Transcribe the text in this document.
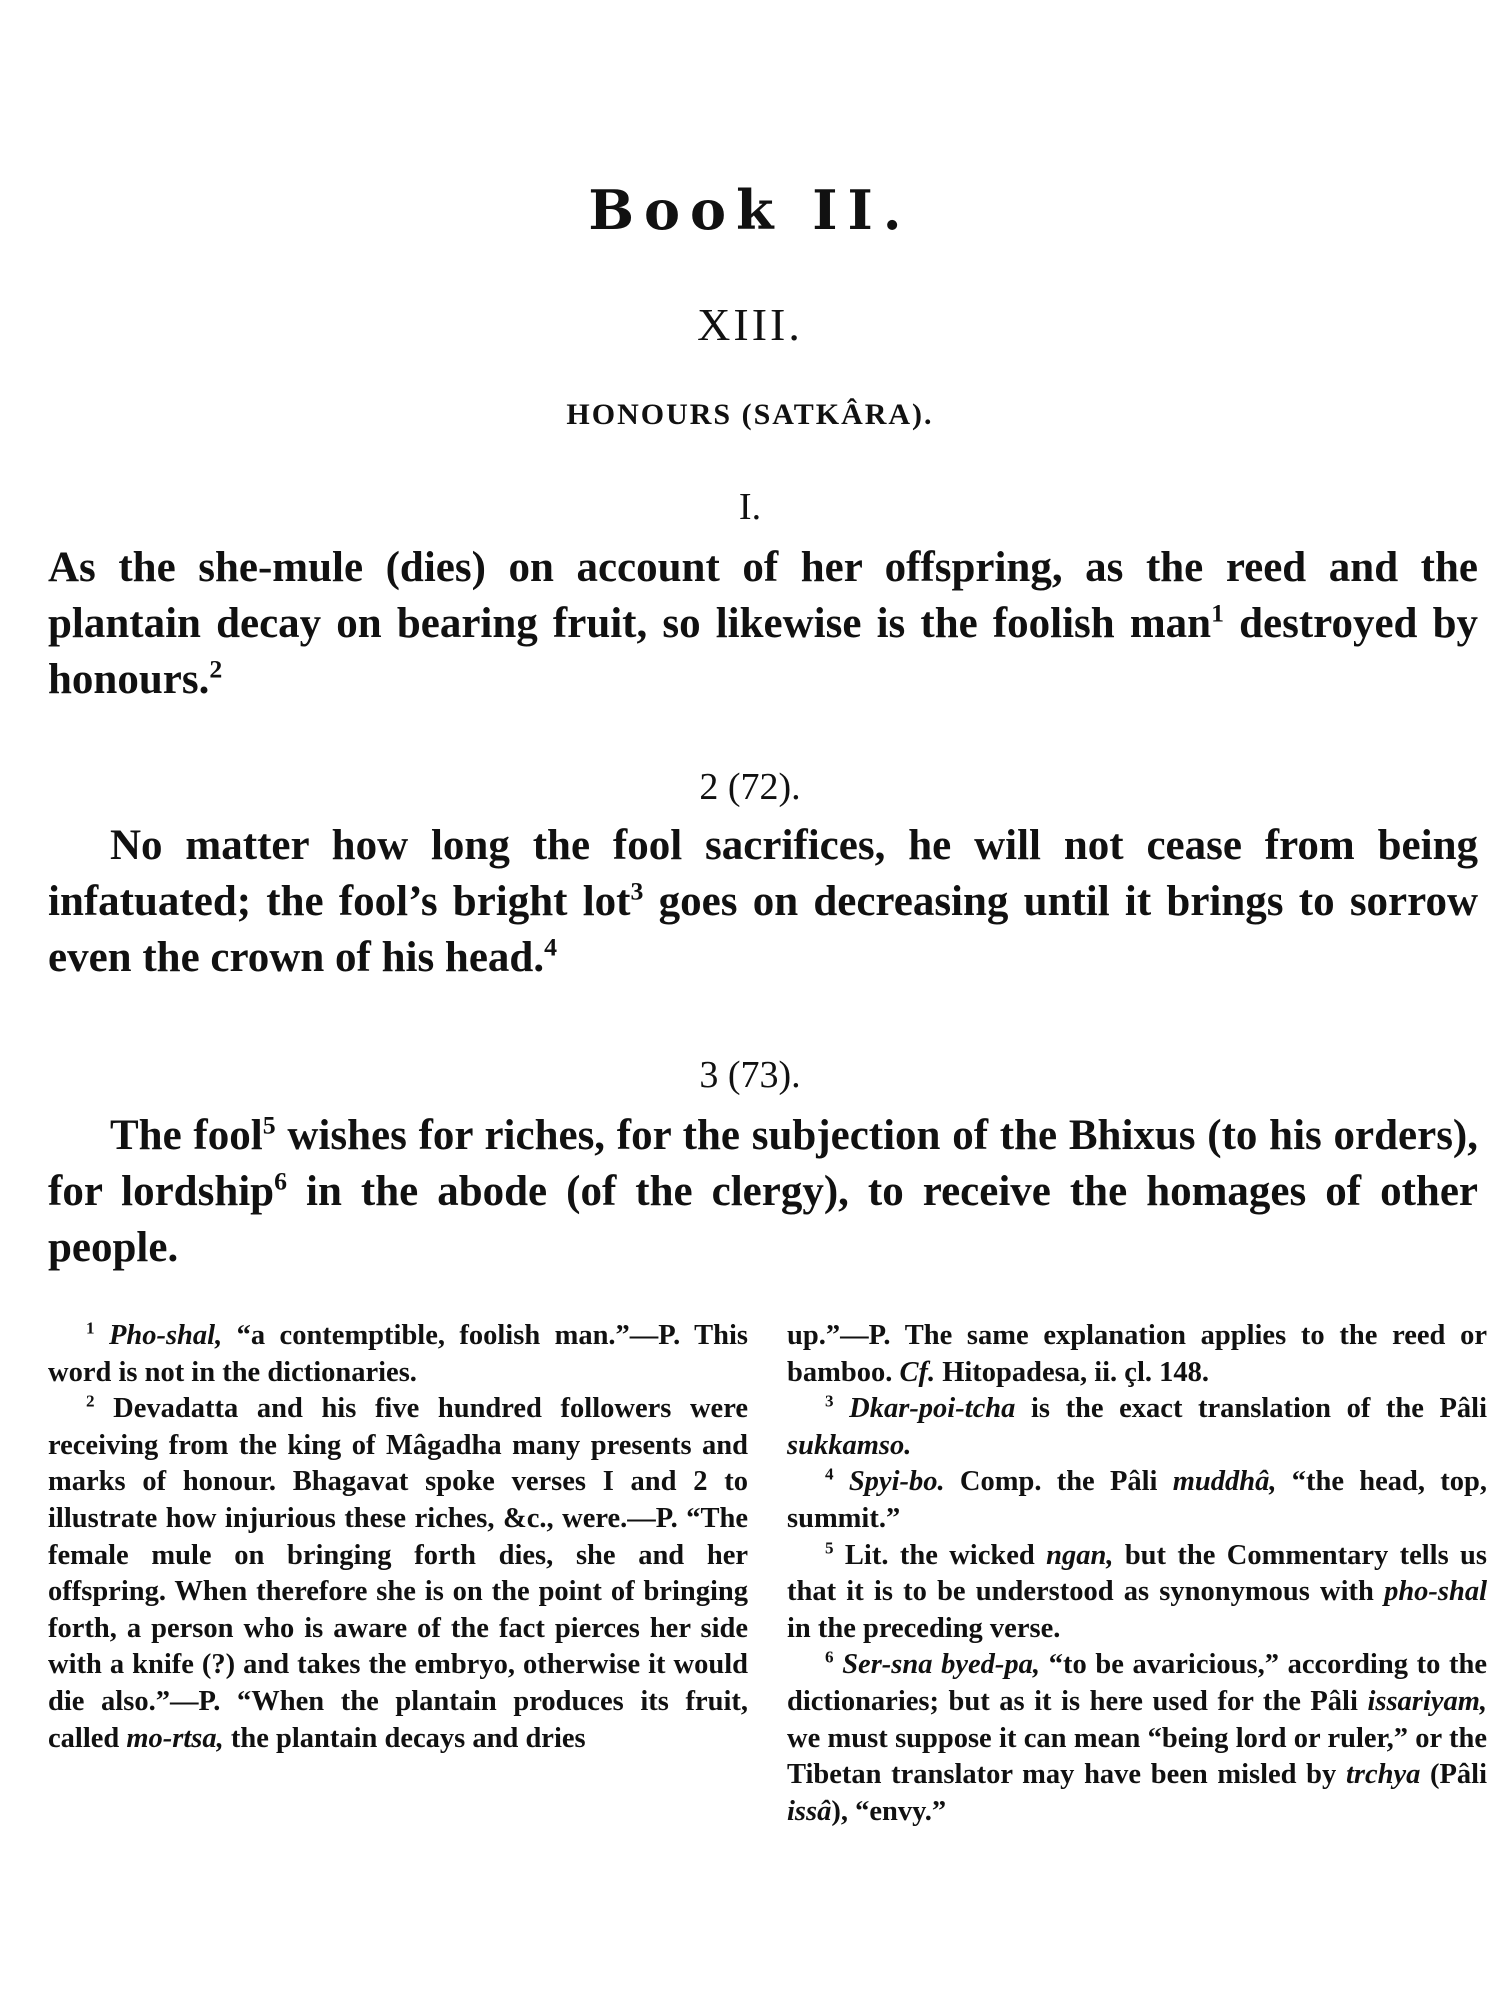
Book II.
XIII.
HONOURS (SATKÂRA).
I.
As the she-mule (dies) on account of her offspring, as the reed and the plantain decay on bearing fruit, so likewise is the foolish man$^1$ destroyed by honours.$^2$
2 (72).
No matter how long the fool sacrifices, he will not cease from being infatuated; the fool’s bright lot$^3$ goes on decreasing until it brings to sorrow even the crown of his head.$^4$
3 (73).
The fool$^5$ wishes for riches, for the subjection of the Bhixus (to his orders), for lordship$^6$ in the abode (of the clergy), to receive the homages of other people.

$^1$ Pho-shal, “a contemptible, foolish man.”—P. This word is not in the dictionaries.

$^2$ Devadatta and his five hundred followers were receiving from the king of Mâgadha many presents and marks of honour. Bhagavat spoke verses I and 2 to illustrate how injurious these riches, &c., were.—P. “The female mule on bringing forth dies, she and her offspring. When therefore she is on the point of bringing forth, a person who is aware of the fact pierces her side with a knife (?) and takes the embryo, otherwise it would die also.”—P. “When the plantain produces its fruit, called mo-rtsa, the plantain decays and dries

up.”—P. The same explanation applies to the reed or bamboo. Cf. Hitopadesa, ii. çl. 148.

$^3$ Dkar-poi-tcha is the exact translation of the Pâli sukkamso.

$^4$ Spyi-bo. Comp. the Pâli muddhâ, “the head, top, summit.”

$^5$ Lit. the wicked ngan, but the Commentary tells us that it is to be understood as synonymous with pho-shal in the preceding verse.

$^6$ Ser-sna byed-pa, “to be avaricious,” according to the dictionaries; but as it is here used for the Pâli issariyam, we must suppose it can mean “being lord or ruler,” or the Tibetan translator may have been misled by trchya (Pâli issâ), “envy.”
